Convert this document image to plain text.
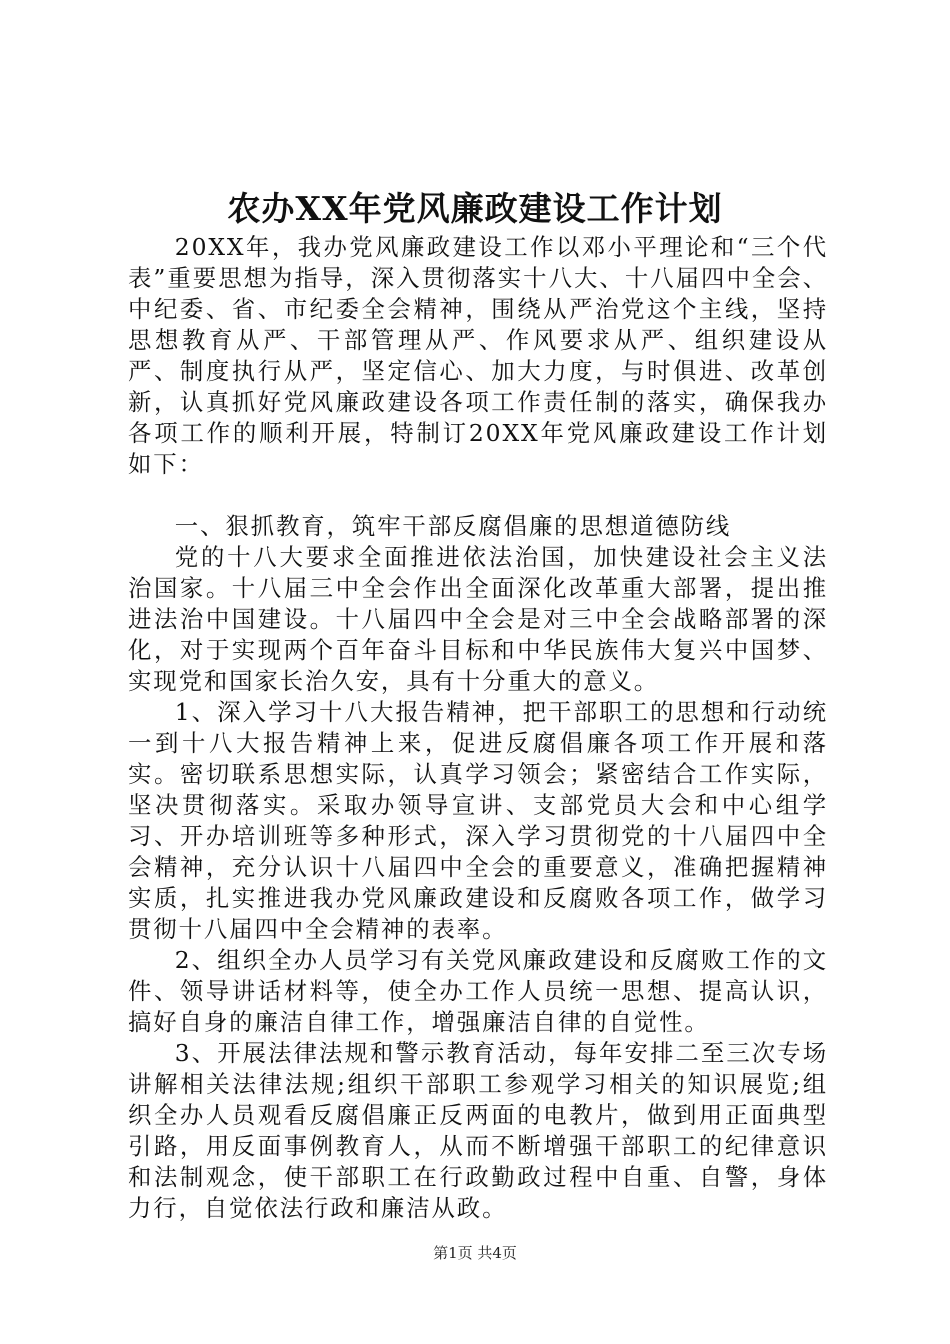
农办XX年党风廉政建设工作计划

20XX年，我办党风廉政建设工作以邓小平理论和“三个代表”重要思想为指导，深入贯彻落实十八大、十八届四中全会、中纪委、省、市纪委全会精神，围绕从严治党这个主线，坚持思想教育从严、干部管理从严、作风要求从严、组织建设从严、制度执行从严，坚定信心、加大力度，与时俱进、改革创新，认真抓好党风廉政建设各项工作责任制的落实，确保我办各项工作的顺利开展，特制订20XX年党风廉政建设工作计划如下：

一、狠抓教育，筑牢干部反腐倡廉的思想道德防线

党的十八大要求全面推进依法治国，加快建设社会主义法治国家。十八届三中全会作出全面深化改革重大部署，提出推进法治中国建设。十八届四中全会是对三中全会战略部署的深化，对于实现两个百年奋斗目标和中华民族伟大复兴中国梦、实现党和国家长治久安，具有十分重大的意义。

1、深入学习十八大报告精神，把干部职工的思想和行动统一到十八大报告精神上来，促进反腐倡廉各项工作开展和落实。密切联系思想实际，认真学习领会；紧密结合工作实际，坚决贯彻落实。采取办领导宣讲、支部党员大会和中心组学习、开办培训班等多种形式，深入学习贯彻党的十八届四中全会精神，充分认识十八届四中全会的重要意义，准确把握精神实质，扎实推进我办党风廉政建设和反腐败各项工作，做学习贯彻十八届四中全会精神的表率。

2、组织全办人员学习有关党风廉政建设和反腐败工作的文件、领导讲话材料等，使全办工作人员统一思想、提高认识，搞好自身的廉洁自律工作，增强廉洁自律的自觉性。

3、开展法律法规和警示教育活动，每年安排二至三次专场讲解相关法律法规;组织干部职工参观学习相关的知识展览;组织全办人员观看反腐倡廉正反两面的电教片，做到用正面典型引路，用反面事例教育人，从而不断增强干部职工的纪律意识和法制观念，使干部职工在行政勤政过程中自重、自警，身体力行，自觉依法行政和廉洁从政。

第1页 共4页
